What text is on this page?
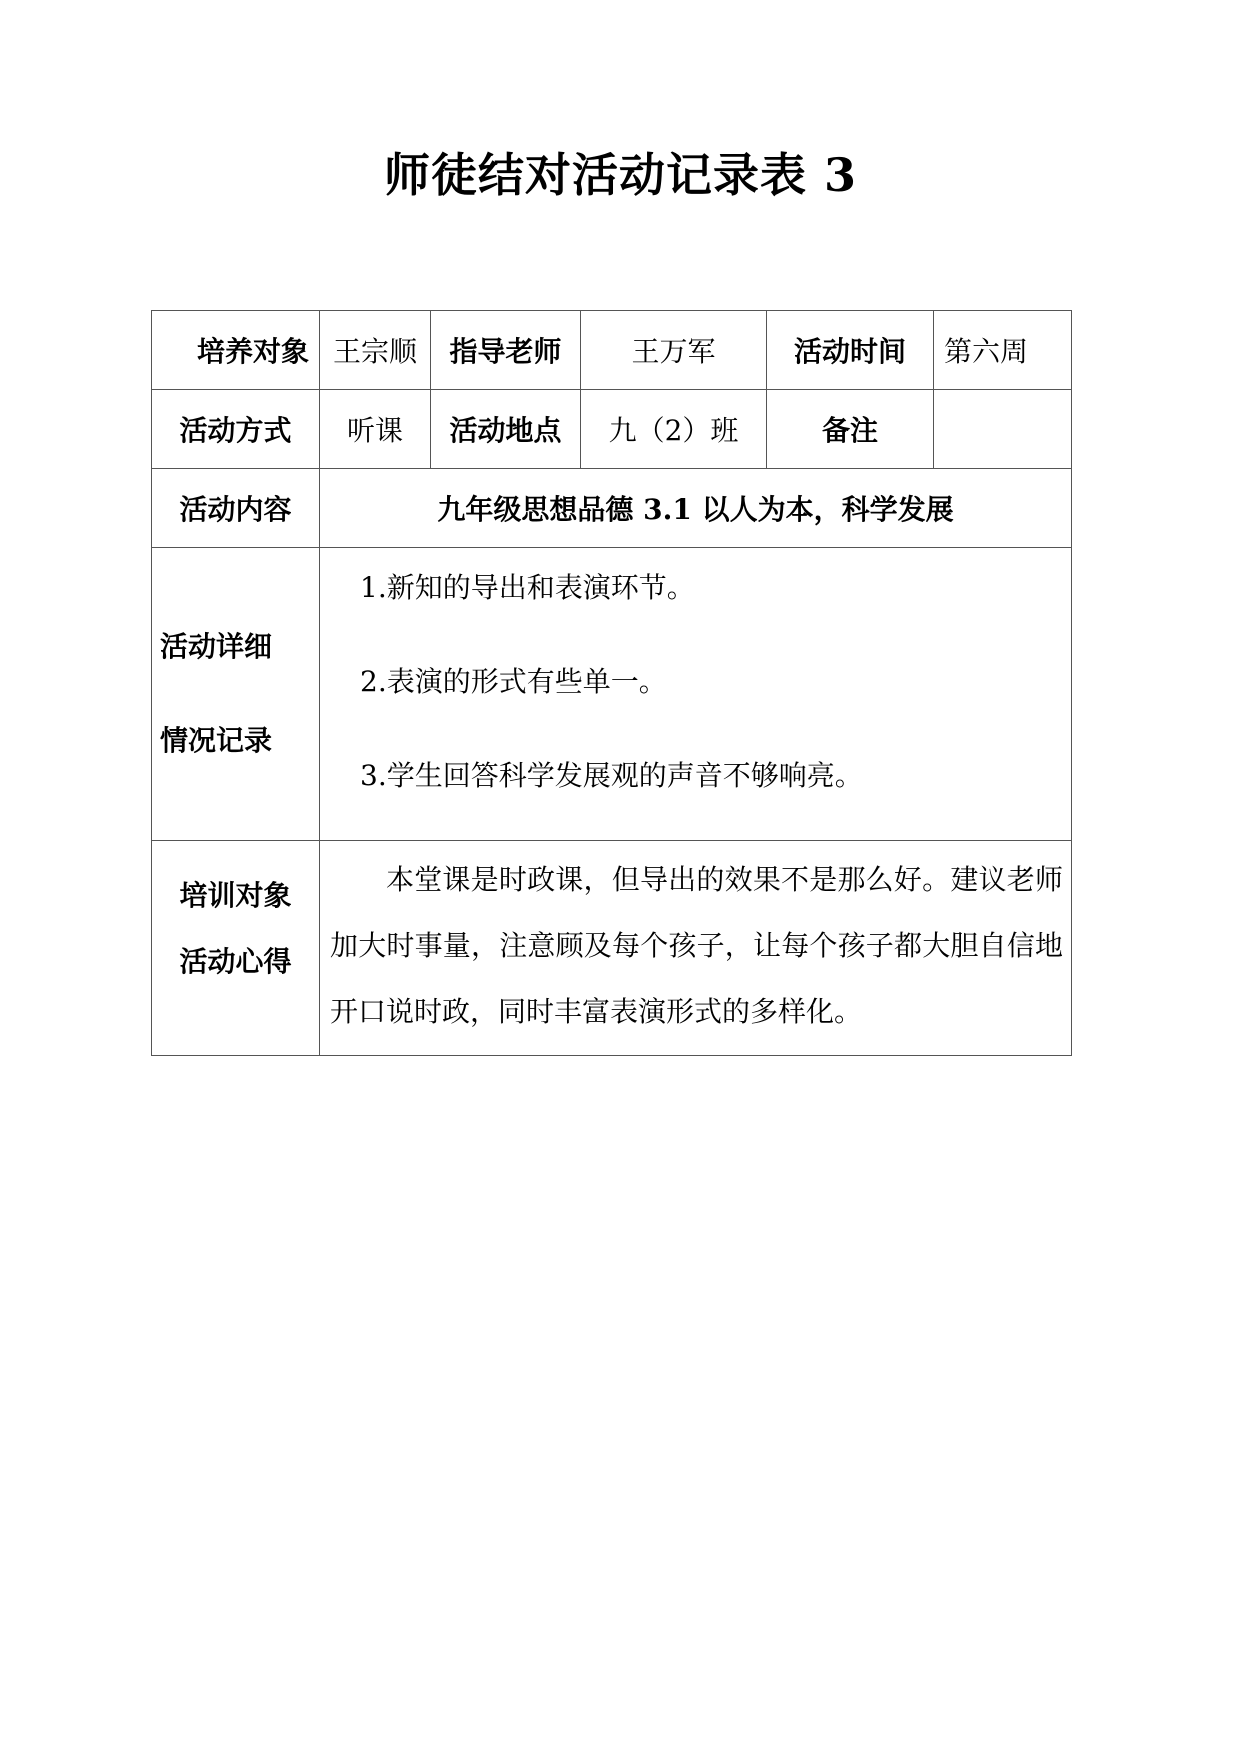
师徒结对活动记录表 3
培养对象	王宗顺	指导老师	王万军	活动时间	第六周
活动方式	听课	活动地点	九（2）班	备注	
活动内容	九年级思想品德 3.1 以人为本，科学发展				

活动详细
情况记录	1.新知的导出和表演环节。
2.表演的形式有些单一。
3.学生回答科学发展观的声音不够响亮。				

培训对象
活动心得	本堂课是时政课，但导出的效果不是那么好。建议老师加大时事量，注意顾及每个孩子，让每个孩子都大胆自信地开口说时政，同时丰富表演形式的多样化。				
